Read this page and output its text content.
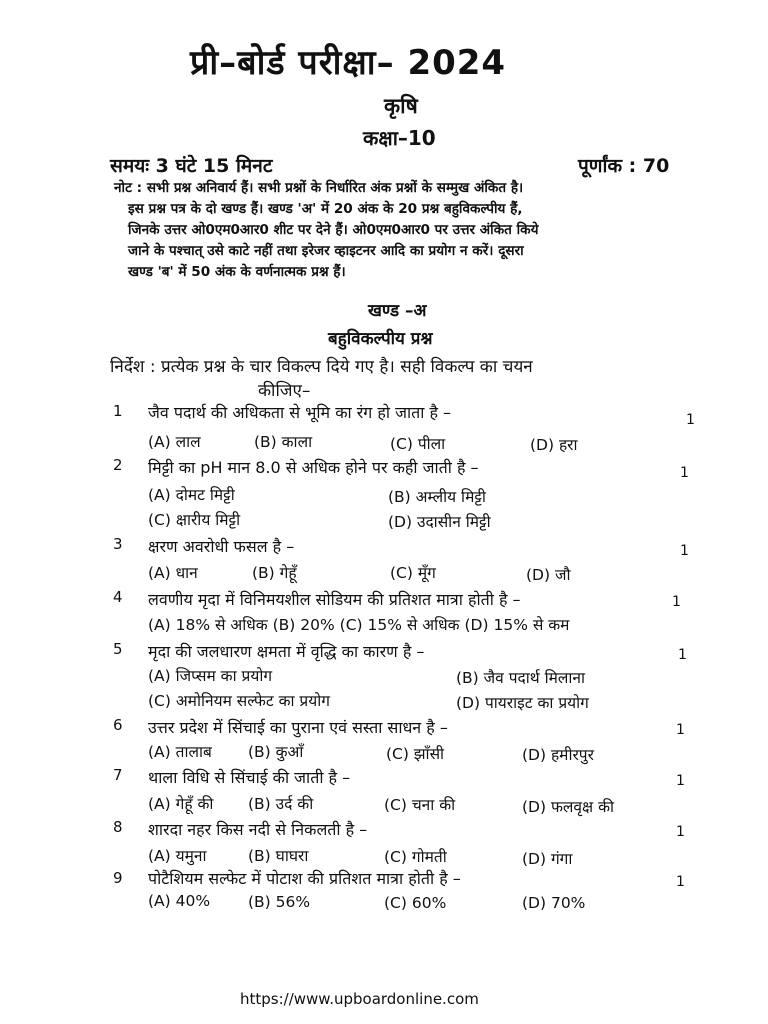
प्री–बोर्ड परीक्षा– 2024
कृषि
कक्षा–10
समयः 3 घंटे 15 मिनट	पूर्णांक : 70
नोट : सभी प्रश्न अनिवार्य हैं। सभी प्रश्नों के निर्धारित अंक प्रश्नों के सम्मुख अंकित है।
इस प्रश्न पत्र के दो खण्ड हैं। खण्ड 'अ' में 20 अंक के 20 प्रश्न बहुविकल्पीय हैं,
जिनके उत्तर ओ0एम0आर0 शीट पर देने हैं। ओ0एम0आर0 पर उत्तर अंकित किये
जाने के पश्चात् उसे काटे नहीं तथा इरेजर व्हाइटनर आदि का प्रयोग न करें। दूसरा
खण्ड 'ब' में 50 अंक के वर्णनात्मक प्रश्न हैं।
खण्ड –अ
बहुविकल्पीय प्रश्न
निर्देश : प्रत्येक प्रश्न के चार विकल्प दिये गए है। सही विकल्प का चयन
कीजिए–
1 जैव पदार्थ की अधिकता से भूमि का रंग हो जाता है –	1
(A) लाल	(B) काला	(C) पीला	(D) हरा
2 मिट्टी का pH मान 8.0 से अधिक होने पर कही जाती है –	1
(A) दोमट मिट्टी	(B) अम्लीय मिट्टी
(C) क्षारीय मिट्टी	(D) उदासीन मिट्टी
3 क्षरण अवरोधी फसल है –	1
(A) धान	(B) गेहूँ	(C) मूँग	(D) जौ
4 लवणीय मृदा में विनिमयशील सोडियम की प्रतिशत मात्रा होती है –	1
(A) 18% से अधिक (B) 20% (C) 15% से अधिक (D) 15% से कम
5 मृदा की जलधारण क्षमता में वृद्धि का कारण है –	1
(A) जिप्सम का प्रयोग	(B) जैव पदार्थ मिलाना
(C) अमोनियम सल्फेट का प्रयोग	(D) पायराइट का प्रयोग
6 उत्तर प्रदेश में सिंचाई का पुराना एवं सस्ता साधन है –	1
(A) तालाब (B) कुआँ	(C) झाँसी	(D) हमीरपुर
7 थाला विधि से सिंचाई की जाती है –	1
(A) गेहूँ की (B) उर्द की	(C) चना की	(D) फलवृक्ष की
8 शारदा नहर किस नदी से निकलती है –	1
(A) यमुना	(B) घाघरा	(C) गोमती	(D) गंगा
9 पोटैशियम सल्फेट में पोटाश की प्रतिशत मात्रा होती है –	1
(A) 40% (B) 56%	(C) 60%	(D) 70%
https://www.upboardonline.com
